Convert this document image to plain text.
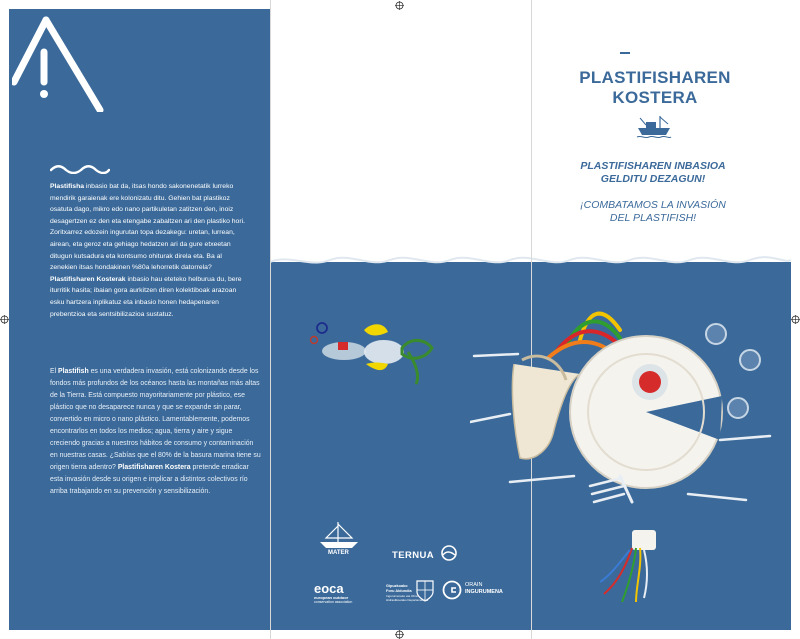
Plastifisha inbasio bat da, itsas hondo sakonenetatik lurreko mendirik garaienak ere kolonizatu ditu. Gehien bat plastikoz osatuta dago, mikro edo nano partikuletan zatitzen den, inoiz desagertzen ez den eta etengabe zabaltzen ari den plastiko hori.

Zoritxarrez edozein ingurutan topa dezakegu: uretan, lurrean, airean, eta geroz eta gehiago hedatzen ari da gure etxeetan ditugun kutsadura eta kontsumo ohiturak direla eta. Ba al zenekien itsas hondakinen %80a lehorretik datorrela? Plastifisharen Kosterak inbasio hau eteteko helburua du, bere iturritik hasita; ibaian gora aurkitzen diren kolektiboak arazoan esku hartzera inplikatuz eta inbasio honen hedapenaren prebentzioa eta sentsibilizazioa sustatuz.

El Plastifish es una verdadera invasión, está colonizando desde los fondos más profundos de los océanos hasta las montañas más altas de la Tierra. Está compuesto mayoritariamente por plástico, ese plástico que no desaparece nunca y que se expande sin parar, convertido en micro o nano plástico. Lamentablemente, podemos encontrarlos en todos los medios; agua, tierra y aire y sigue creciendo gracias a nuestros hábitos de consumo y contaminación en nuestras casas. ¿Sabías que el 80% de la basura marina tiene su origen tierra adentro? Plastifisharen Kostera pretende erradicar esta invasión desde su origen e implicar a distintos colectivos río arriba trabajando en su prevención y sensibilización.

PLASTIFISHAREN
KOSTERA
PLASTIFISHAREN INBASIOA
GELDITU DEZAGUN!
¡COMBATAMOS LA INVASIÓN
DEL PLASTIFISH!
MATER	TERNUA
eoca
european outdoor
conservation association
Gipuzkoako
Foru Aldundia
Ingurumeneko eta Obra Hidraulikoetako Departamentua
ORAIN
INGURUMENA
